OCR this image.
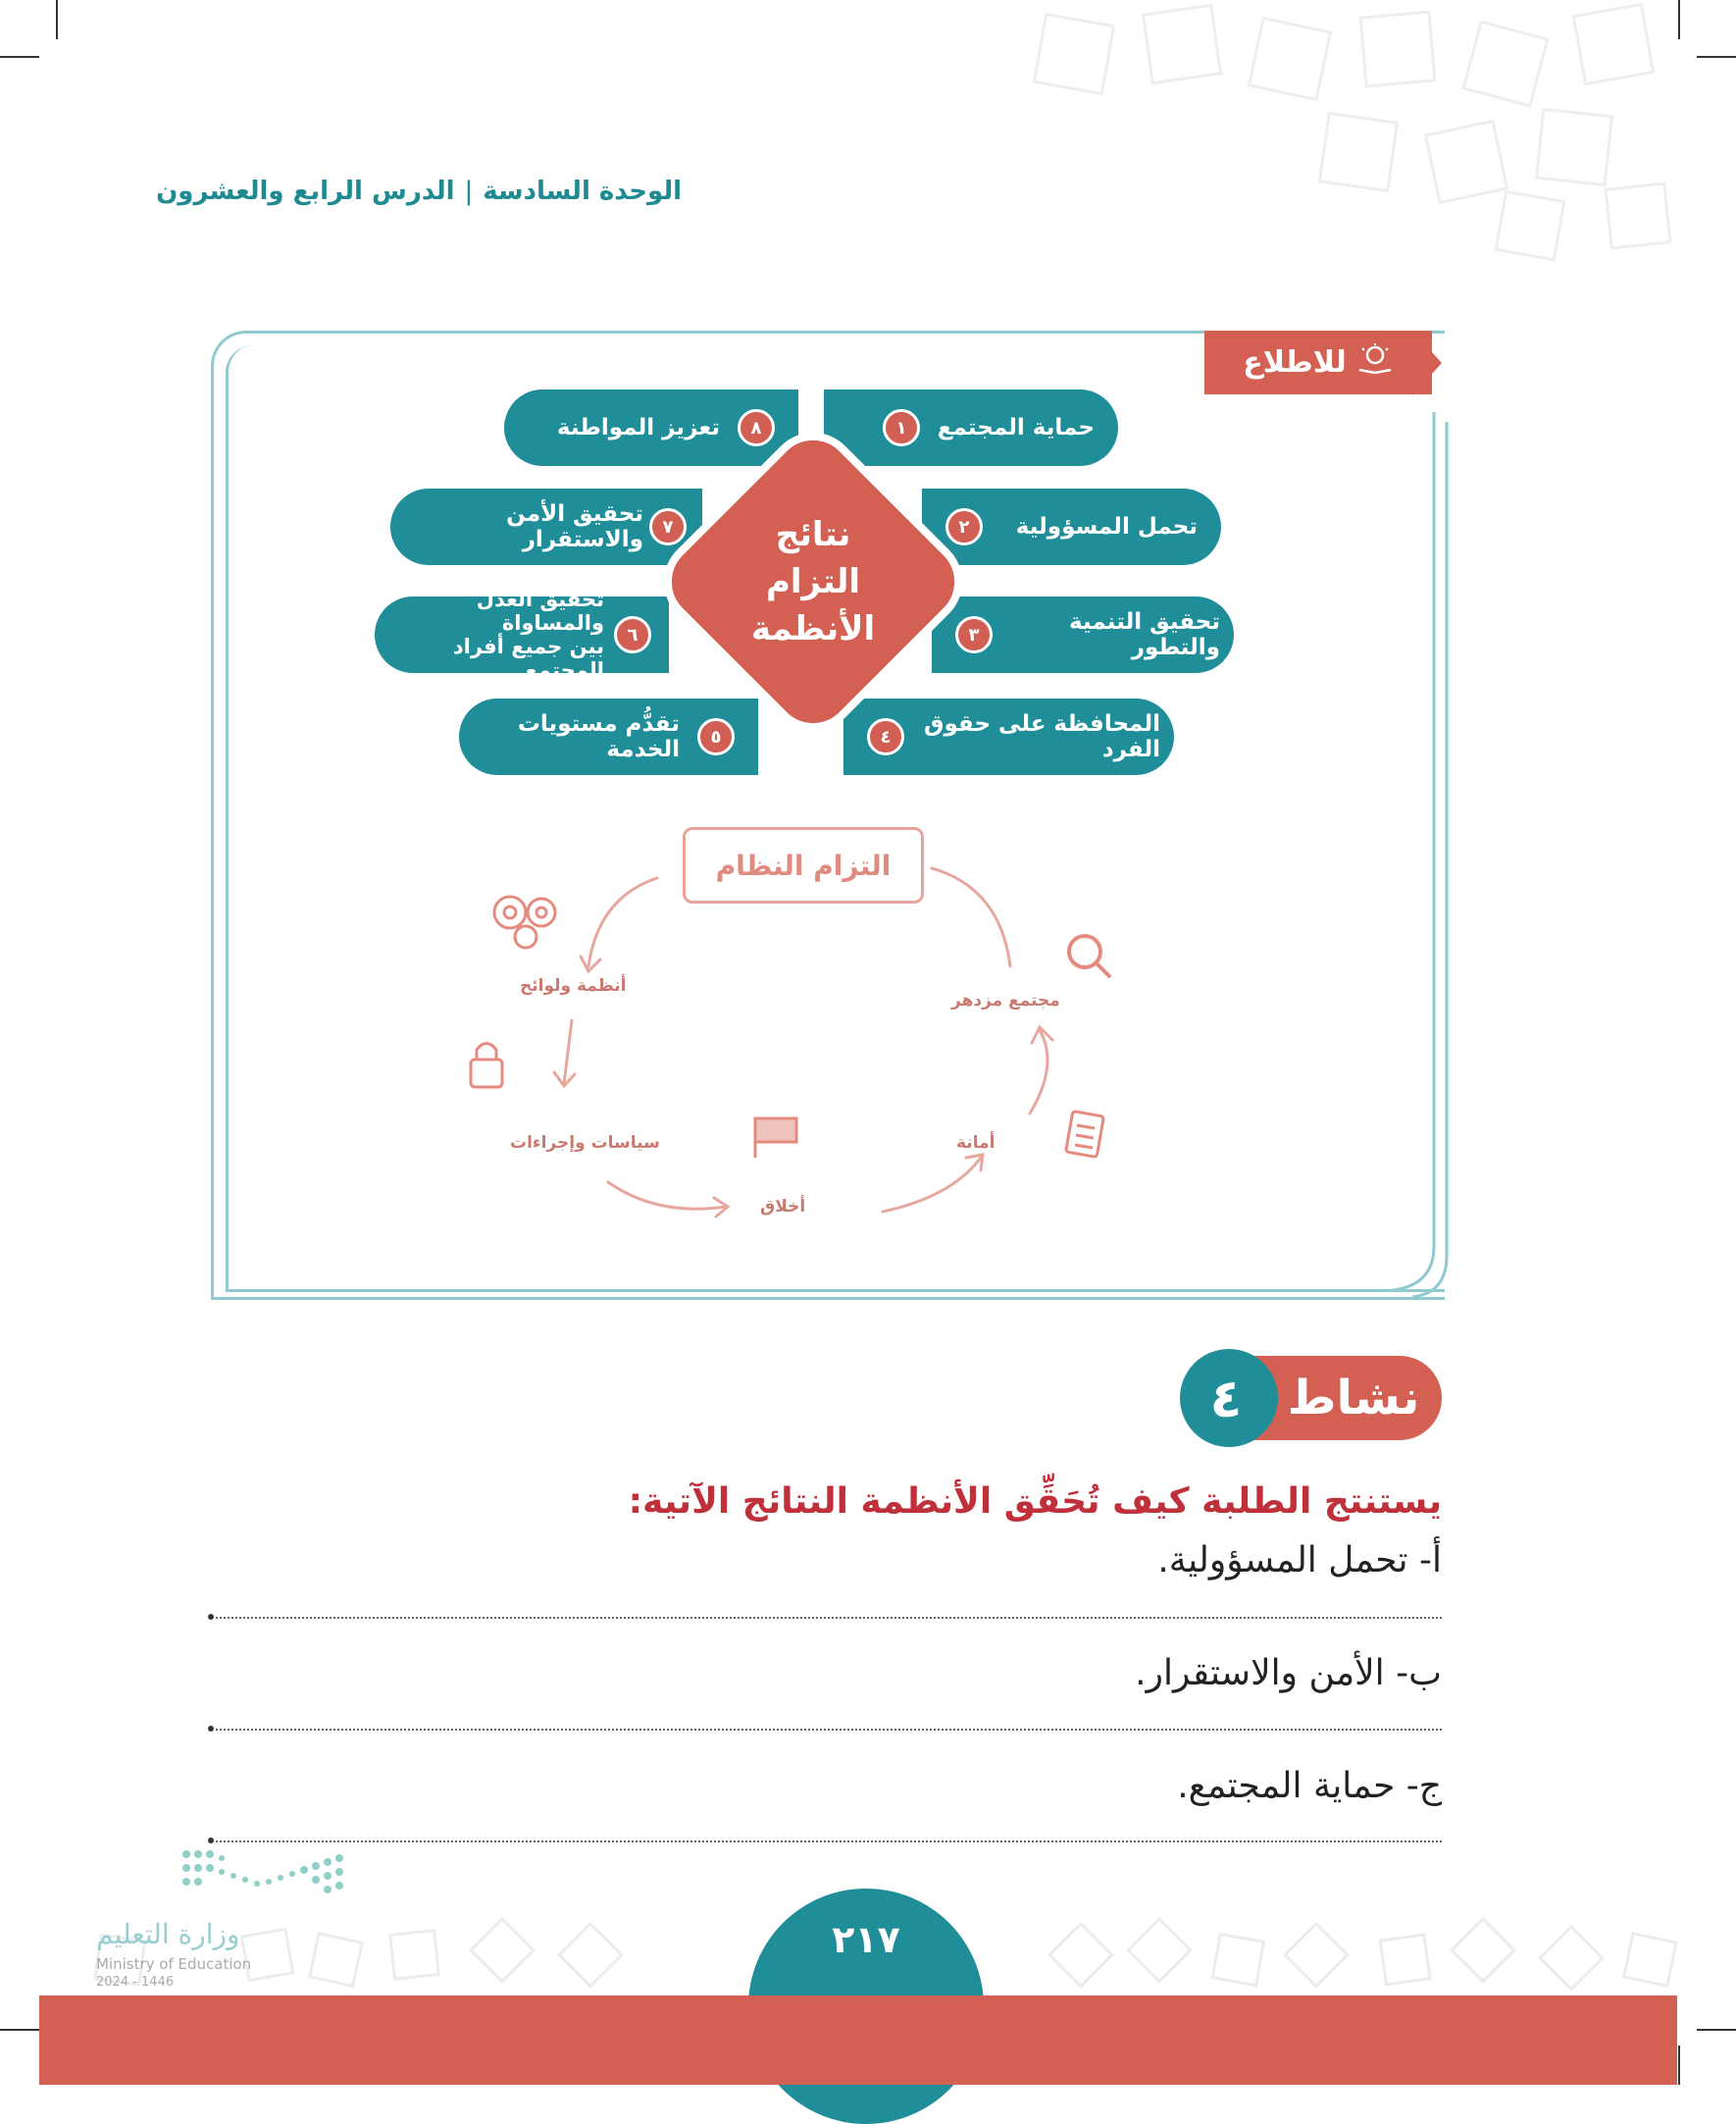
الوحدة السادسة|الدرس الرابع والعشرون
للاطلاع
حماية المجتمع
١
تحمل المسؤولية
٢
تحقيق التنمية والتطور
٣
المحافظة على حقوق الفرد
٤
٨
تعزيز المواطنة
٧
تحقيق الأمن والاستقرار
٦
تحقيق العدل والمساواة
بين جميع أفراد المجتمع
٥
تقدُّم مستويات الخدمة
نتائج
التزام
الأنظمة
التزام النظام
أنظمة ولوائح
مجتمع مزدهر
سياسات وإجراءات
أخلاق
أمانة
٤ نشاط
يستنتج الطلبة كيف تُحَقِّق الأنظمة النتائج الآتية:
أ- تحمل المسؤولية.
ب- الأمن والاستقرار.
ج- حماية المجتمع.
وزارة التعليم
Ministry of Education
2024 - 1446
٢١٧
